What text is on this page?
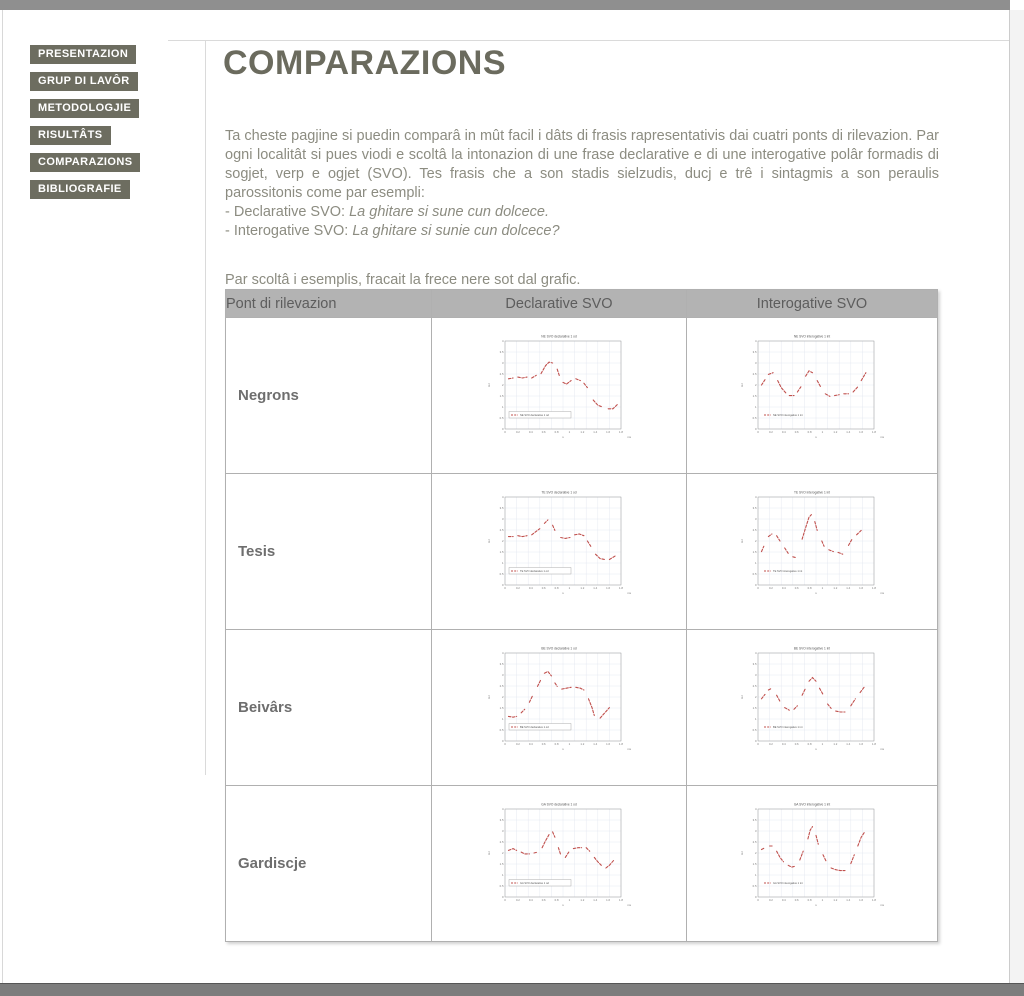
PRESENTAZION
GRUP DI LAVÔR
METODOLOGJIE
RISULTÂTS
COMPARAZIONS
BIBLIOGRAFIE
COMPARAZIONS

Ta cheste pagjine si puedin comparâ in mût facil i dâts di frasis rapresentativis dai cuatri ponts di rilevazion. Par ogni localitât si pues viodi e scoltâ la intonazion di une frase declarative e di une interogative polâr formadis di sogjet, verp e ogjet (SVO). Tes frasis che a son stadis sielzudis, ducj e trê i sintagmis a son peraulis parossitonis come par esempli:

- Declarative SVO: La ghitare si sune cun dolcece.
- Interogative SVO: La ghitare si sunie cun dolcece?

Par scoltâ i esemplis, fracait la frece nere sot dal grafic.

Pont di rilevazion	Declarative SVO	Interogative SVO
Negrons	
NE SVO declarative 1 od
Hz
4
3.5
3
2.5
2
1.5
1
0.5
0
0	0.2	0.4	0.6	0.8	1	1.2	1.4	1.6	1.8
s	ms
NE SVO declarative 1 od

NE SVO interogative 1 int
Hz
4
3.5
3
2.5
2
1.5
1
0.5
0
0	0.2	0.4	0.6	0.8	1	1.2	1.4	1.6	1.8
s	ms
NE SVO interogative 1 int

Tesis	
TE SVO declarative 1 od
Hz
4
3.5
3
2.5
2
1.5
1
0.5
0
0	0.2	0.4	0.6	0.8	1	1.2	1.4	1.6	1.8
s	ms
TE SVO declarative 1 od

TE SVO interogative 1 int
Hz
4
3.5
3
2.5
2
1.5
1
0.5
0
0	0.2	0.4	0.6	0.8	1	1.2	1.4	1.6	1.8
s	ms
TE SVO interogative 1 int

Beivârs	
BE SVO declarative 1 od
Hz
4
3.5
3
2.5
2
1.5
1
0.5
0
0	0.2	0.4	0.6	0.8	1	1.2	1.4	1.6	1.8
s	ms
BE SVO declarative 1 od

BE SVO interogative 1 int
Hz
4
3.5
3
2.5
2
1.5
1
0.5
0
0	0.2	0.4	0.6	0.8	1	1.2	1.4	1.6	1.8
s	ms
BE SVO interogative 1 int

Gardiscje	
GA SVO declarative 1 od
Hz
4
3.5
3
2.5
2
1.5
1
0.5
0
0	0.2	0.4	0.6	0.8	1	1.2	1.4	1.6	1.8
s	ms
GA SVO declarative 1 od

GA SVO interogative 1 int
Hz
4
3.5
3
2.5
2
1.5
1
0.5
0
0	0.2	0.4	0.6	0.8	1	1.2	1.4	1.6	1.8
s	ms
GA SVO interogative 1 int
